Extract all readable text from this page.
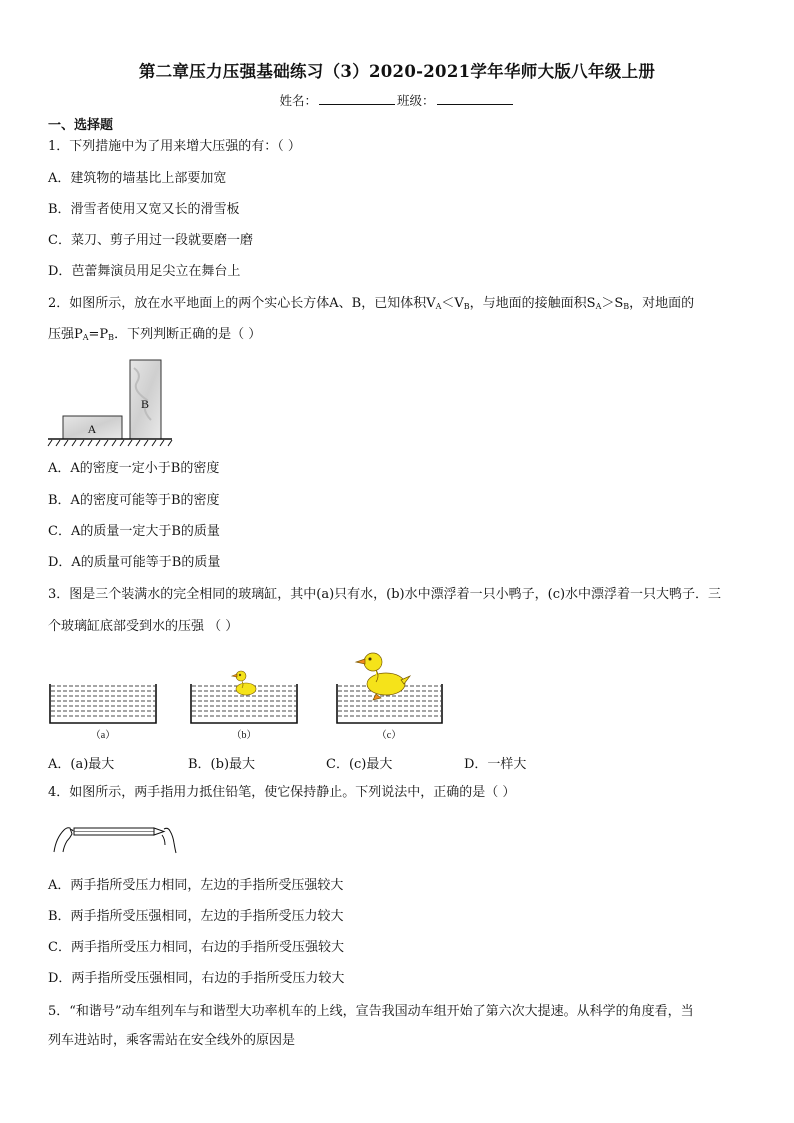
第二章压力压强基础练习（3）2020-2021学年华师大版八年级上册
姓名：	班级：
一、选择题
1．下列措施中为了用来增大压强的有：（ ）
A．建筑物的墙基比上部要加宽
B．滑雪者使用又宽又长的滑雪板
C．菜刀、剪子用过一段就要磨一磨
D．芭蕾舞演员用足尖立在舞台上
2．如图所示，放在水平地面上的两个实心长方体A、B，已知体积$V_A<V_B$，与地面的接触面积$S_A>S_B$，对地面的
压强$P_A=P_B$．下列判断正确的是（ ）
A
B
A．A的密度一定小于B的密度
B．A的密度可能等于B的密度
C．A的质量一定大于B的质量
D．A的质量可能等于B的质量
3．图是三个装满水的完全相同的玻璃缸，其中(a)只有水，(b)水中漂浮着一只小鸭子，(c)水中漂浮着一只大鸭子．三
个玻璃缸底部受到水的压强 （ ）
（a）	（b）	（c）
A．(a)最大	B．(b)最大	C．(c)最大	D．一样大
4．如图所示，两手指用力抵住铅笔，使它保持静止。下列说法中，正确的是（ ）
A．两手指所受压力相同，左边的手指所受压强较大
B．两手指所受压强相同，左边的手指所受压力较大
C．两手指所受压力相同，右边的手指所受压强较大
D．两手指所受压强相同，右边的手指所受压力较大
5．“和谐号”动车组列车与和谐型大功率机车的上线，宣告我国动车组开始了第六次大提速。从科学的角度看，当
列车进站时，乘客需站在安全线外的原因是
